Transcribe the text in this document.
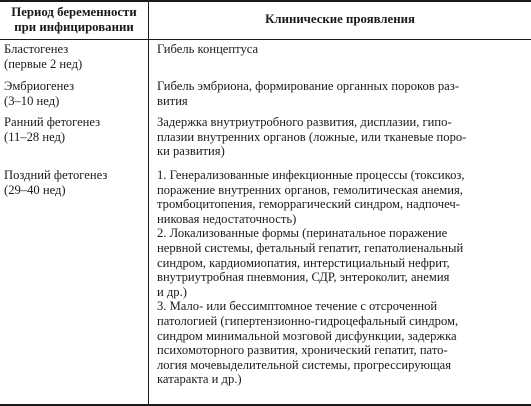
Период беременности
при инфицировании
Клинические проявления
Бластогенез
(первые 2 нед)
Гибель концептуса
Эмбриогенез
(3–10 нед)
Гибель эмбриона, формирование органных пороков раз-
вития
Ранний фетогенез
(11–28 нед)
Задержка внутриутробного развития, дисплазии, гипо-
плазии внутренних органов (ложные, или тканевые поро-
ки развития)
Поздний фетогенез
(29–40 нед)
1. Генерализованные инфекционные процессы (токсикоз,
поражение внутренних органов, гемолитическая анемия,
тромбоцитопения, геморрагический синдром, надпочеч-
никовая недостаточность)
2. Локализованные формы (перинатальное поражение
нервной системы, фетальный гепатит, гепатолиенальный
синдром, кардиомиопатия, интерстициальный нефрит,
внутриутробная пневмония, СДР, энтероколит, анемия
и др.)
3. Мало- или бессимптомное течение с отсроченной
патологией (гипертензионно-гидроцефальный синдром,
синдром минимальной мозговой дисфункции, задержка
психомоторного развития, хронический гепатит, пато-
логия мочевыделительной системы, прогрессирующая
катаракта и др.)
